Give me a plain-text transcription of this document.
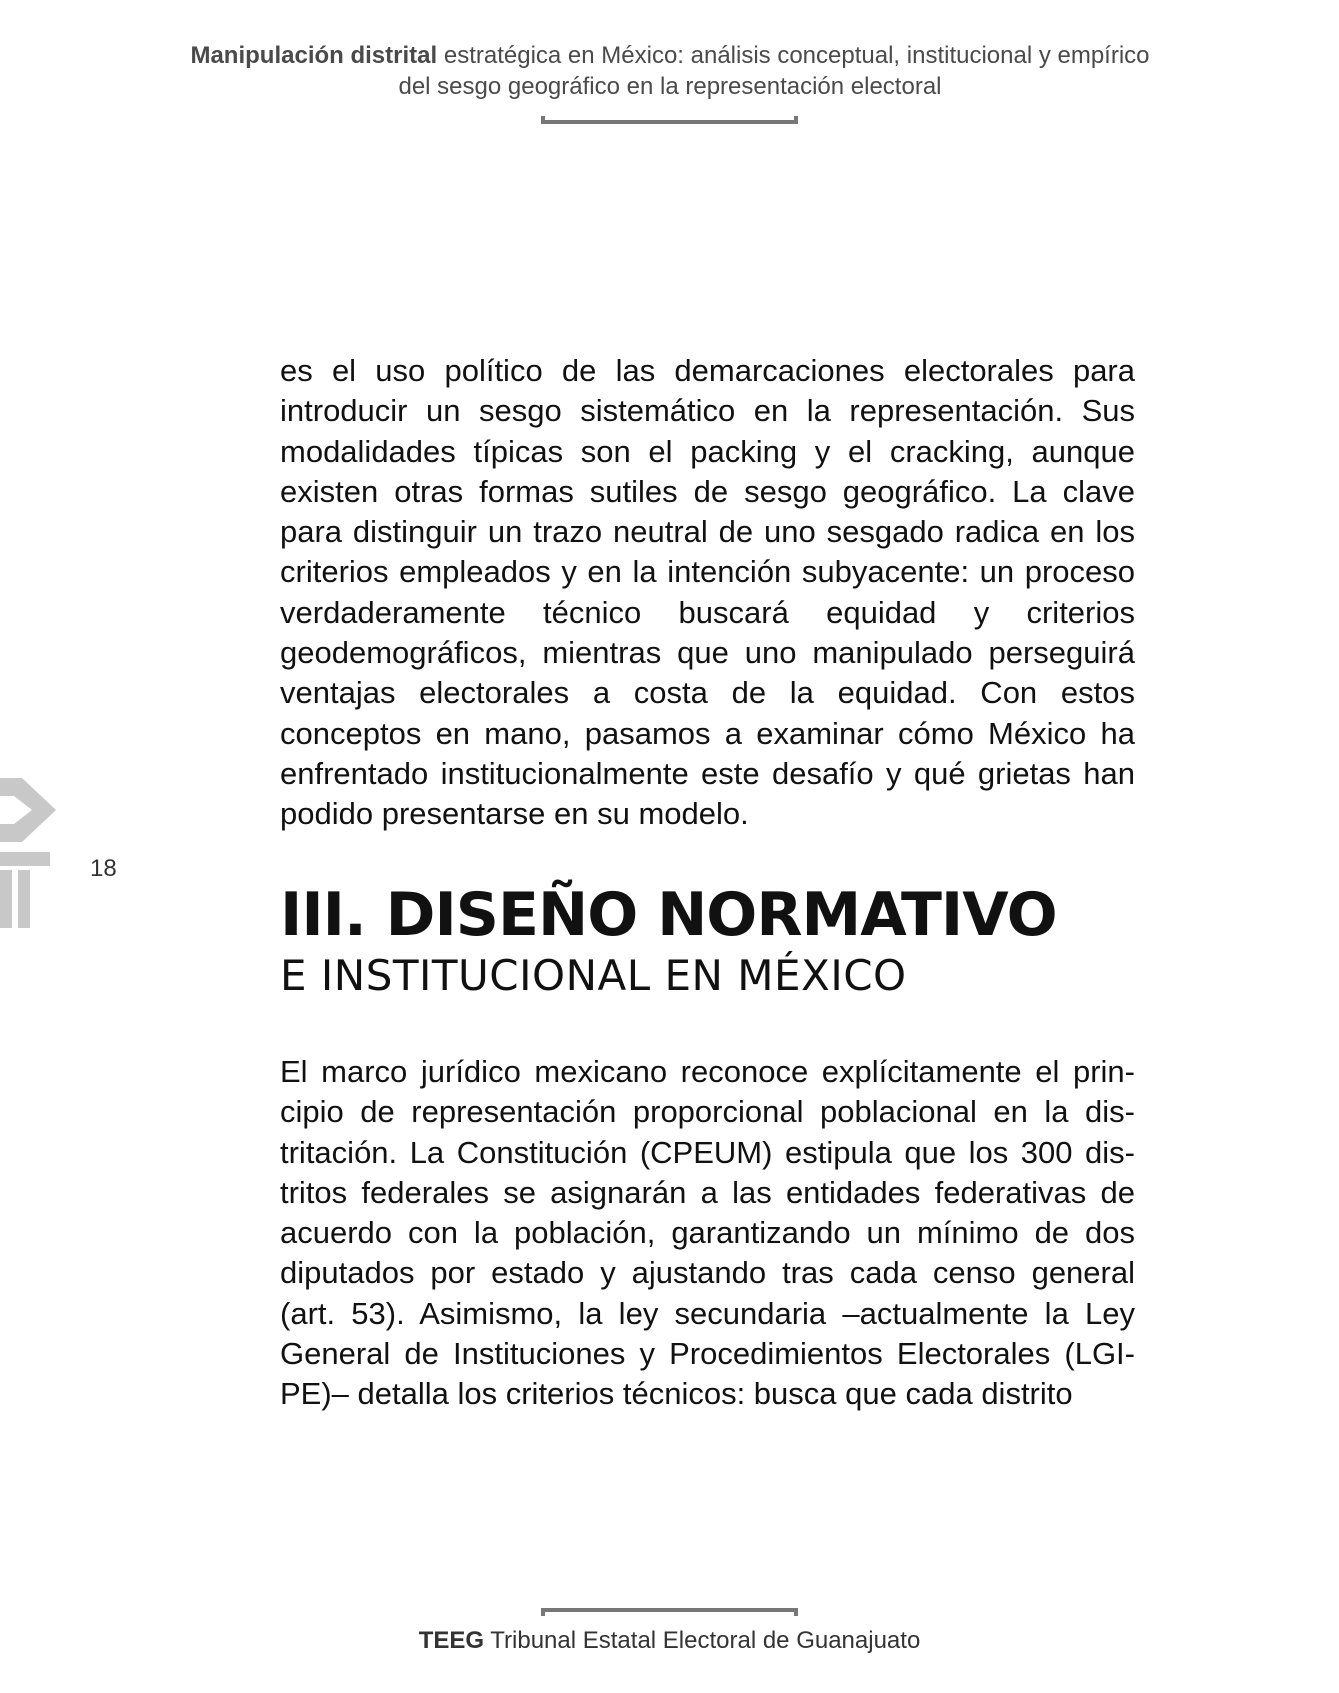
Manipulación distrital estratégica en México: análisis conceptual, institucional y empírico
del sesgo geográfico en la representación electoral
18

es el uso político de las demarcaciones electorales para introducir un sesgo sistemático en la representación. Sus modalidades típicas son el packing y el cracking, aunque existen otras formas sutiles de sesgo geográfico. La clave para distinguir un trazo neutral de uno sesgado radica en los criterios empleados y en la intención subyacente: un proceso verdaderamente técnico buscará equidad y criterios geodemográficos, mientras que uno manipulado perseguirá ventajas electorales a costa de la equidad. Con estos conceptos en mano, pasamos a examinar cómo México ha enfrentado institucionalmente este desafío y qué grietas han podido presentarse en su modelo.

III. DISEÑO NORMATIVO
E INSTITUCIONAL EN MÉXICO

El marco jurídico mexicano reconoce explícitamente el principio de representación proporcional poblacional en la distritación. La Constitución (CPEUM) estipula que los 300 distritos federales se asignarán a las entidades federativas de acuerdo con la población, garantizando un mínimo de dos diputados por estado y ajustando tras cada censo general (art. 53). Asimismo, la ley secundaria –actualmente la Ley General de Instituciones y Procedimientos Electorales (LGIPE)– detalla los criterios técnicos: busca que cada distrito

TEEG Tribunal Estatal Electoral de Guanajuato
